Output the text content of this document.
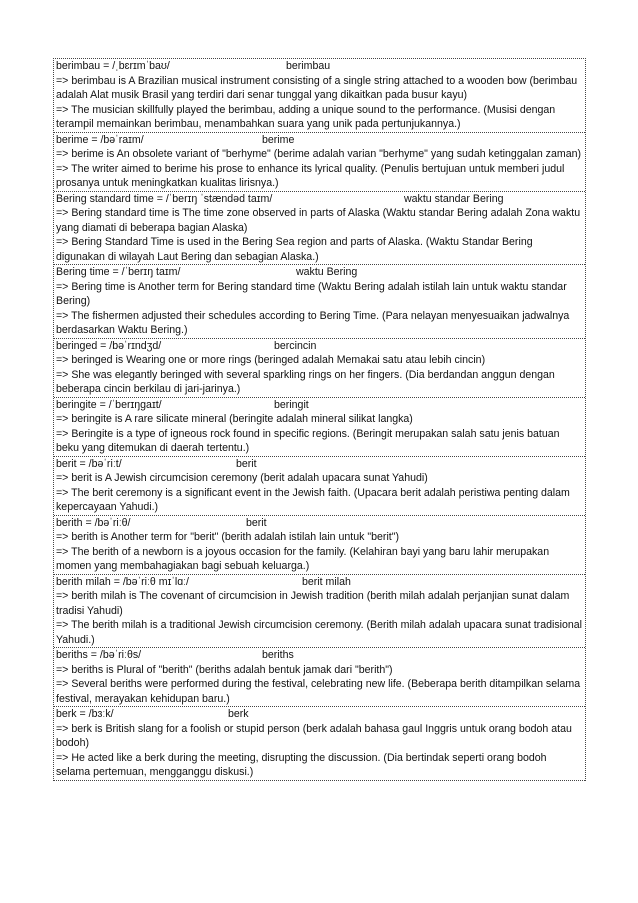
berimbau = /ˌbɛrɪmˈbaʊ/	berimbau
=> berimbau is A Brazilian musical instrument consisting of a single string attached to a wooden bow (berimbau adalah Alat musik Brasil yang terdiri dari senar tunggal yang dikaitkan pada busur kayu)
=> The musician skillfully played the berimbau, adding a unique sound to the performance. (Musisi dengan terampil memainkan berimbau, menambahkan suara yang unik pada pertunjukannya.)
berime = /bəˈraɪm/	berime
=> berime is An obsolete variant of "berhyme" (berime adalah varian "berhyme" yang sudah ketinggalan zaman)
=> The writer aimed to berime his prose to enhance its lyrical quality. (Penulis bertujuan untuk memberi judul prosanya untuk meningkatkan kualitas lirisnya.)
Bering standard time = /ˈberɪŋ ˈstændəd taɪm/	waktu standar Bering
=> Bering standard time is The time zone observed in parts of Alaska (Waktu standar Bering adalah Zona waktu yang diamati di beberapa bagian Alaska)
=> Bering Standard Time is used in the Bering Sea region and parts of Alaska. (Waktu Standar Bering digunakan di wilayah Laut Bering dan sebagian Alaska.)
Bering time = /ˈberɪŋ taɪm/	waktu Bering
=> Bering time is Another term for Bering standard time (Waktu Bering adalah istilah lain untuk waktu standar Bering)
=> The fishermen adjusted their schedules according to Bering Time. (Para nelayan menyesuaikan jadwalnya berdasarkan Waktu Bering.)
beringed = /bəˈrɪndʒd/	bercincin
=> beringed is Wearing one or more rings (beringed adalah Memakai satu atau lebih cincin)
=> She was elegantly beringed with several sparkling rings on her fingers. (Dia berdandan anggun dengan beberapa cincin berkilau di jari-jarinya.)
beringite = /ˈberɪŋgaɪt/	beringit
=> beringite is A rare silicate mineral (beringite adalah mineral silikat langka)
=> Beringite is a type of igneous rock found in specific regions. (Beringit merupakan salah satu jenis batuan beku yang ditemukan di daerah tertentu.)
berit = /bəˈriːt/	berit
=> berit is A Jewish circumcision ceremony (berit adalah upacara sunat Yahudi)
=> The berit ceremony is a significant event in the Jewish faith. (Upacara berit adalah peristiwa penting dalam kepercayaan Yahudi.)
berith = /bəˈriːθ/	berit
=> berith is Another term for "berit" (berith adalah istilah lain untuk "berit")
=> The berith of a newborn is a joyous occasion for the family. (Kelahiran bayi yang baru lahir merupakan momen yang membahagiakan bagi sebuah keluarga.)
berith milah = /bəˈriːθ mɪˈlɑː/	berit milah
=> berith milah is The covenant of circumcision in Jewish tradition (berith milah adalah perjanjian sunat dalam tradisi Yahudi)
=> The berith milah is a traditional Jewish circumcision ceremony. (Berith milah adalah upacara sunat tradisional Yahudi.)
beriths = /bəˈriːθs/	beriths
=> beriths is Plural of "berith" (beriths adalah bentuk jamak dari "berith")
=> Several beriths were performed during the festival, celebrating new life. (Beberapa berith ditampilkan selama festival, merayakan kehidupan baru.)
berk = /bɜːk/	berk
=> berk is British slang for a foolish or stupid person (berk adalah bahasa gaul Inggris untuk orang bodoh atau bodoh)
=> He acted like a berk during the meeting, disrupting the discussion. (Dia bertindak seperti orang bodoh selama pertemuan, mengganggu diskusi.)
